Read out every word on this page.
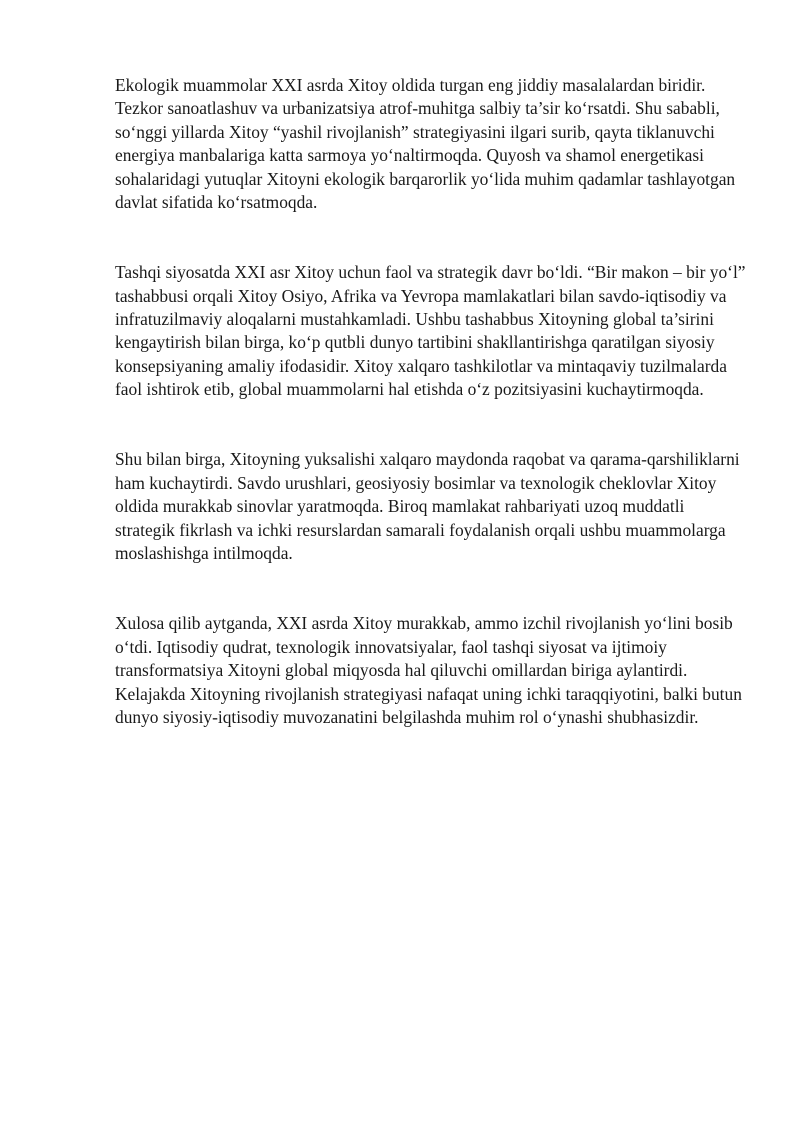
Ekologik muammolar XXI asrda Xitoy oldida turgan eng jiddiy masalalardan biridir. Tezkor sanoatlashuv va urbanizatsiya atrof-muhitga salbiy ta’sir ko‘rsatdi. Shu sababli, so‘nggi yillarda Xitoy “yashil rivojlanish” strategiyasini ilgari surib, qayta tiklanuvchi energiya manbalariga katta sarmoya yo‘naltirmoqda. Quyosh va shamol energetikasi sohalaridagi yutuqlar Xitoyni ekologik barqarorlik yo‘lida muhim qadamlar tashlayotgan davlat sifatida ko‘rsatmoqda.

Tashqi siyosatda XXI asr Xitoy uchun faol va strategik davr bo‘ldi. “Bir makon – bir yo‘l” tashabbusi orqali Xitoy Osiyo, Afrika va Yevropa mamlakatlari bilan savdo-iqtisodiy va infratuzilmaviy aloqalarni mustahkamladi. Ushbu tashabbus Xitoyning global ta’sirini kengaytirish bilan birga, ko‘p qutbli dunyo tartibini shakllantirishga qaratilgan siyosiy konsepsiyaning amaliy ifodasidir. Xitoy xalqaro tashkilotlar va mintaqaviy tuzilmalarda faol ishtirok etib, global muammolarni hal etishda o‘z pozitsiyasini kuchaytirmoqda.

Shu bilan birga, Xitoyning yuksalishi xalqaro maydonda raqobat va qarama-qarshiliklarni ham kuchaytirdi. Savdo urushlari, geosiyosiy bosimlar va texnologik cheklovlar Xitoy oldida murakkab sinovlar yaratmoqda. Biroq mamlakat rahbariyati uzoq muddatli strategik fikrlash va ichki resurslardan samarali foydalanish orqali ushbu muammolarga moslashishga intilmoqda.

Xulosa qilib aytganda, XXI asrda Xitoy murakkab, ammo izchil rivojlanish yo‘lini bosib o‘tdi. Iqtisodiy qudrat, texnologik innovatsiyalar, faol tashqi siyosat va ijtimoiy transformatsiya Xitoyni global miqyosda hal qiluvchi omillardan biriga aylantirdi. Kelajakda Xitoyning rivojlanish strategiyasi nafaqat uning ichki taraqqiyotini, balki butun dunyo siyosiy-iqtisodiy muvozanatini belgilashda muhim rol o‘ynashi shubhasizdir.
